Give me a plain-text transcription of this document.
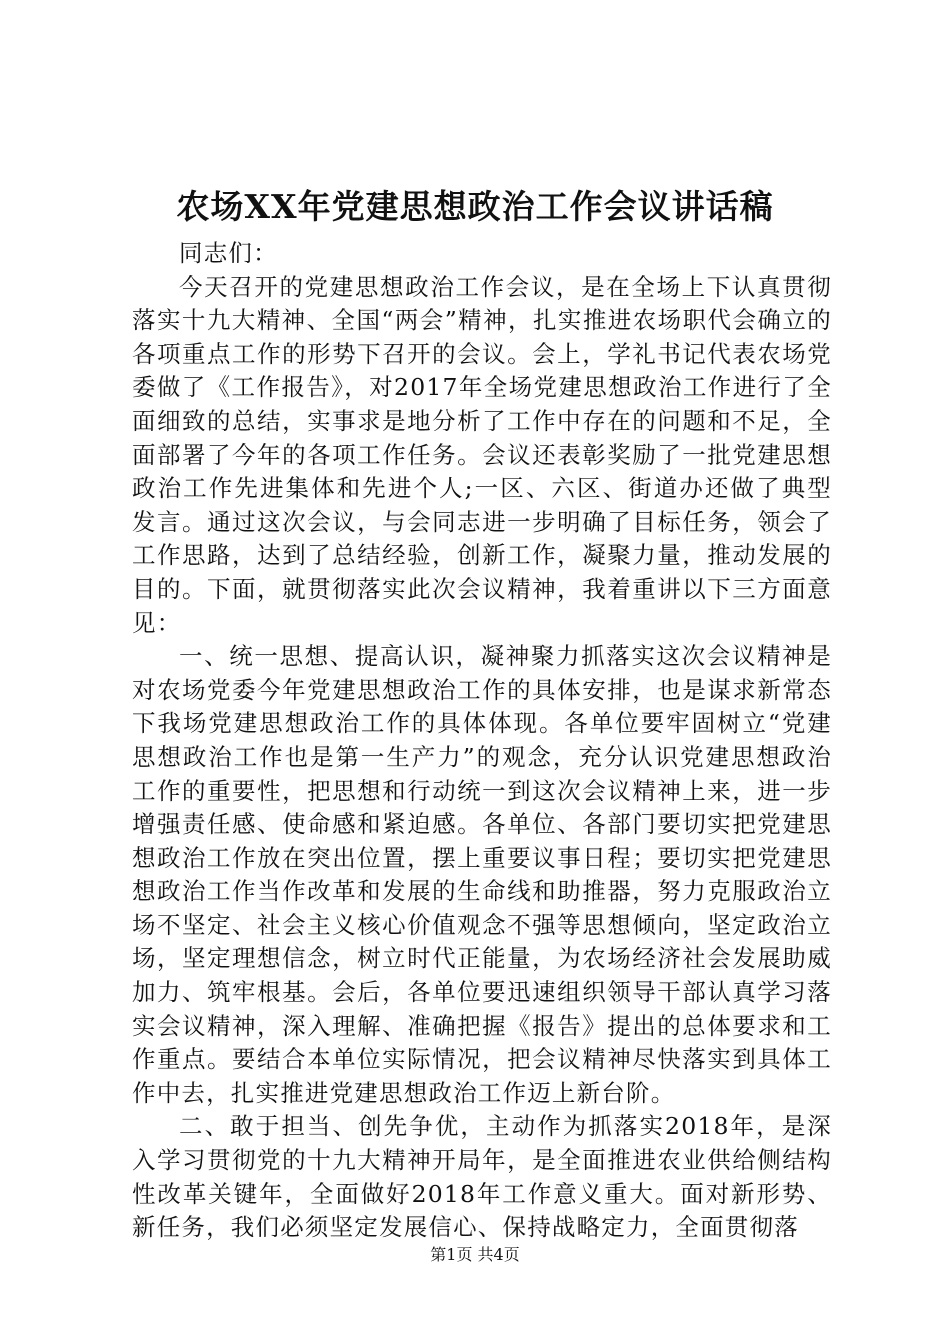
农场XX年党建思想政治工作会议讲话稿

同志们：

今天召开的党建思想政治工作会议，是在全场上下认真贯彻落实十九大精神、全国“两会”精神，扎实推进农场职代会确立的各项重点工作的形势下召开的会议。会上，学礼书记代表农场党委做了《工作报告》，对2017年全场党建思想政治工作进行了全面细致的总结，实事求是地分析了工作中存在的问题和不足，全面部署了今年的各项工作任务。会议还表彰奖励了一批党建思想政治工作先进集体和先进个人;一区、六区、街道办还做了典型发言。通过这次会议，与会同志进一步明确了目标任务，领会了工作思路，达到了总结经验，创新工作，凝聚力量，推动发展的目的。下面，就贯彻落实此次会议精神，我着重讲以下三方面意见：

一、统一思想、提高认识，凝神聚力抓落实这次会议精神是对农场党委今年党建思想政治工作的具体安排，也是谋求新常态下我场党建思想政治工作的具体体现。各单位要牢固树立“党建思想政治工作也是第一生产力”的观念，充分认识党建思想政治工作的重要性，把思想和行动统一到这次会议精神上来，进一步增强责任感、使命感和紧迫感。各单位、各部门要切实把党建思想政治工作放在突出位置，摆上重要议事日程；要切实把党建思想政治工作当作改革和发展的生命线和助推器，努力克服政治立场不坚定、社会主义核心价值观念不强等思想倾向，坚定政治立场，坚定理想信念，树立时代正能量，为农场经济社会发展助威加力、筑牢根基。会后，各单位要迅速组织领导干部认真学习落实会议精神，深入理解、准确把握《报告》提出的总体要求和工作重点。要结合本单位实际情况，把会议精神尽快落实到具体工作中去，扎实推进党建思想政治工作迈上新台阶。

二、敢于担当、创先争优，主动作为抓落实2018年，是深入学习贯彻党的十九大精神开局年，是全面推进农业供给侧结构性改革关键年，全面做好2018年工作意义重大。面对新形势、新任务，我们必须坚定发展信心、保持战略定力，全面贯彻落

第1页 共4页
